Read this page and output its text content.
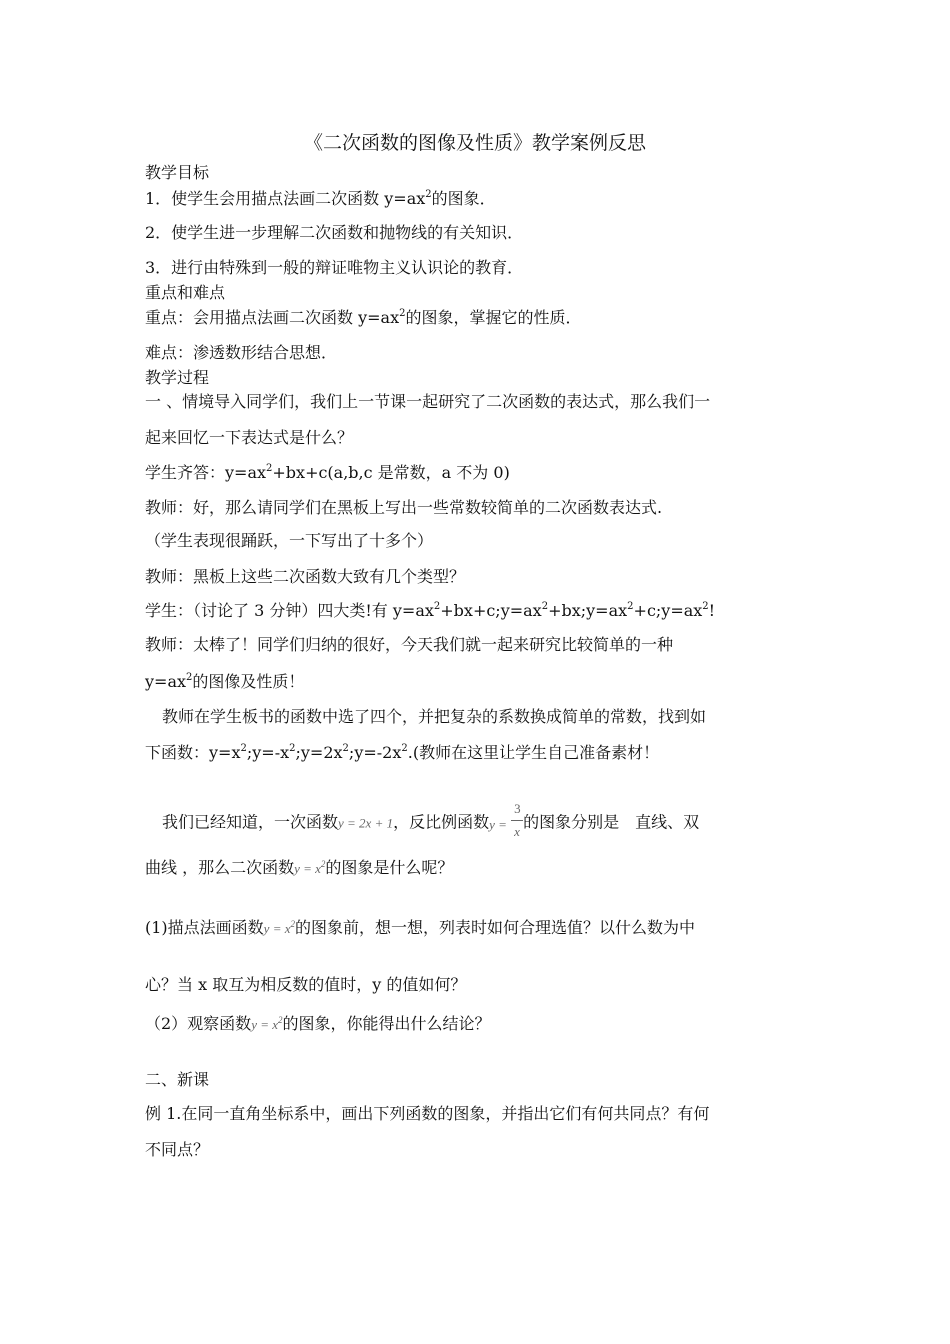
《二次函数的图像及性质》教学案例反思
教学目标
1．使学生会用描点法画二次函数 $y=ax^2$的图象．
2．使学生进一步理解二次函数和抛物线的有关知识．
3．进行由特殊到一般的辩证唯物主义认识论的教育．
重点和难点
重点：会用描点法画二次函数 $y=ax^2$的图象，掌握它的性质．
难点：渗透数形结合思想．
教学过程
一 、情境导入同学们，我们上一节课一起研究了二次函数的表达式，那么我们一
起来回忆一下表达式是什么？
学生齐答：$y=ax^2+bx+c(a,b,c$ 是常数，a 不为 0)
教师：好，那么请同学们在黑板上写出一些常数较简单的二次函数表达式.
（学生表现很踊跃，一下写出了十多个）
教师：黑板上这些二次函数大致有几个类型？
学生：（讨论了 3 分钟）四大类!有 $y=ax^2+bx+c;y=ax^2+bx;y=ax^2+c;y=ax^2$!
教师：太棒了！同学们归纳的很好，今天我们就一起来研究比较简单的一种
$y=ax^2$的图像及性质！
教师在学生板书的函数中选了四个，并把复杂的系数换成简单的常数，找到如
下函数：$y=x^2;y=-x^2;y=2x^2;y=-2x^2$.(教师在这里让学生自己准备素材！
我们已经知道，一次函数y = 2x + 1，反比例函数 y =
3
x 的图象分别是　直线、双
曲线 ，那么二次函数$y = x^2$的图象是什么呢？
(1)描点法画函数$y = x^2$的图象前，想一想，列表时如何合理选值？以什么数为中
心？当 x 取互为相反数的值时，y 的值如何？
（2）观察函数$y = x^2$的图象，你能得出什么结论？
二、新课
例 1.在同一直角坐标系中，画出下列函数的图象，并指出它们有何共同点？有何
不同点？
